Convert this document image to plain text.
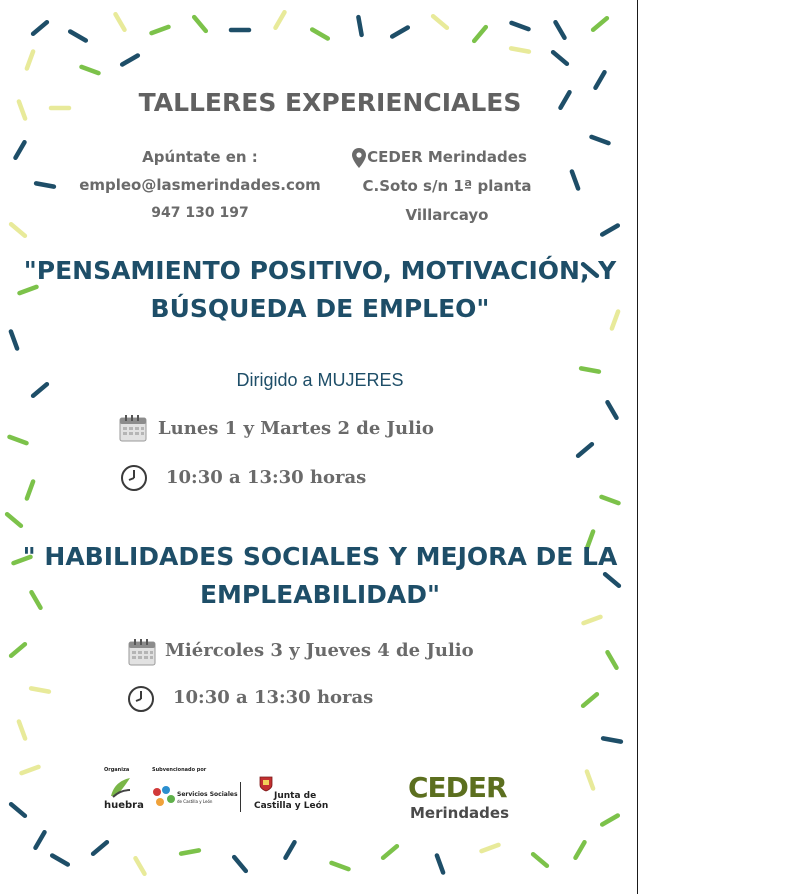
TALLERES EXPERIENCIALES
Apúntate en :
empleo@lasmerindades.com
947 130 197
CEDER Merindades
C.Soto s/n 1ª planta
Villarcayo
"PENSAMIENTO POSITIVO, MOTIVACIÓN, Y BÚSQUEDA DE EMPLEO"
Dirigido a MUJERES
Lunes 1 y Martes 2 de Julio
10:30 a 13:30 horas
" HABILIDADES SOCIALES Y MEJORA DE LA EMPLEABILIDAD"
Miércoles 3 y Jueves 4 de Julio
10:30 a 13:30 horas
Organiza	Subvencionado por
huebra
Servicios Sociales
de Castilla y León
Junta de
Castilla y León
CEDER
Merindades
